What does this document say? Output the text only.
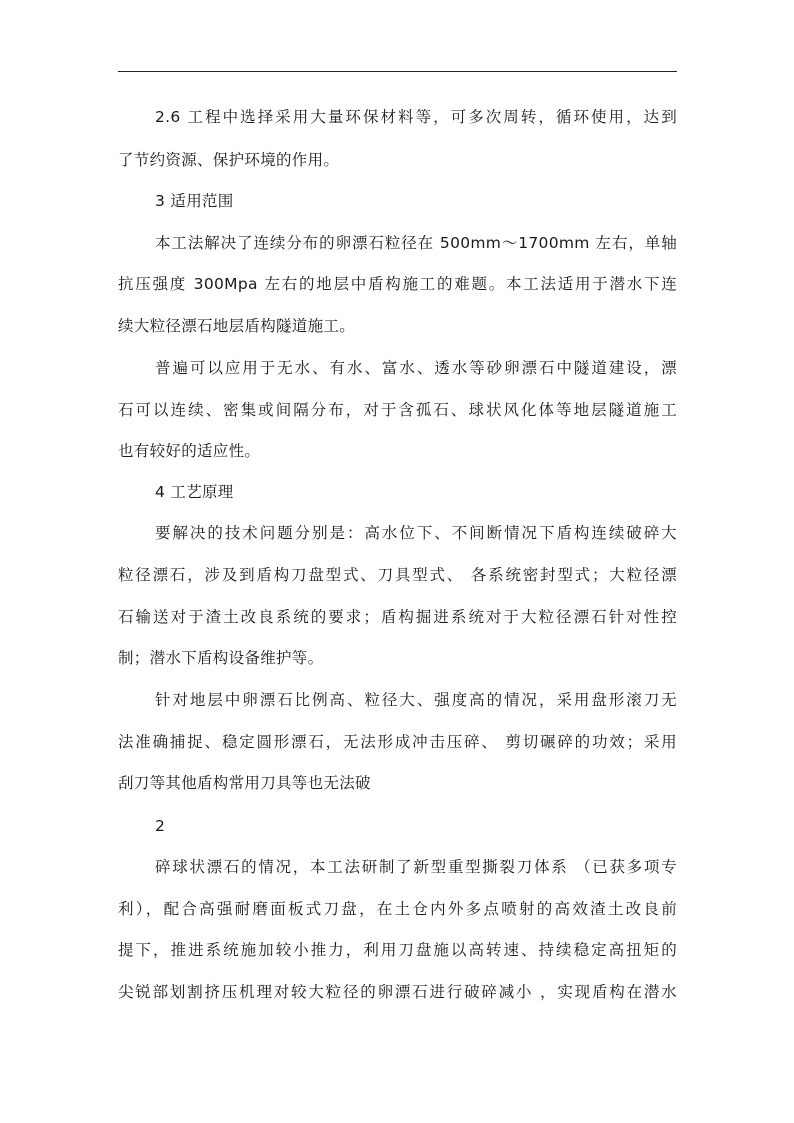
2.6 工程中选择采用大量环保材料等，可多次周转，循环使用，达到
了节约资源、保护环境的作用。
3 适用范围
本工法解决了连续分布的卵漂石粒径在 500mm～1700mm 左右，单轴
抗压强度 300Mpa 左右的地层中盾构施工的难题。本工法适用于潜水下连
续大粒径漂石地层盾构隧道施工。
普遍可以应用于无水、有水、富水、透水等砂卵漂石中隧道建设，漂
石可以连续、密集或间隔分布，对于含孤石、球状风化体等地层隧道施工
也有较好的适应性。
4 工艺原理
要解决的技术问题分别是：高水位下、不间断情况下盾构连续破碎大
粒径漂石，涉及到盾构刀盘型式、刀具型式、 各系统密封型式；大粒径漂
石输送对于渣土改良系统的要求；盾构掘进系统对于大粒径漂石针对性控
制；潜水下盾构设备维护等。
针对地层中卵漂石比例高、粒径大、强度高的情况，采用盘形滚刀无
法准确捕捉、稳定圆形漂石，无法形成冲击压碎、 剪切碾碎的功效；采用
刮刀等其他盾构常用刀具等也无法破
2
碎球状漂石的情况，本工法研制了新型重型撕裂刀体系 （已获多项专
利），配合高强耐磨面板式刀盘，在土仓内外多点喷射的高效渣土改良前
提下，推进系统施加较小推力，利用刀盘施以高转速、持续稳定高扭矩的
尖锐部划割挤压机理对较大粒径的卵漂石进行破碎减小 ，实现盾构在潜水
